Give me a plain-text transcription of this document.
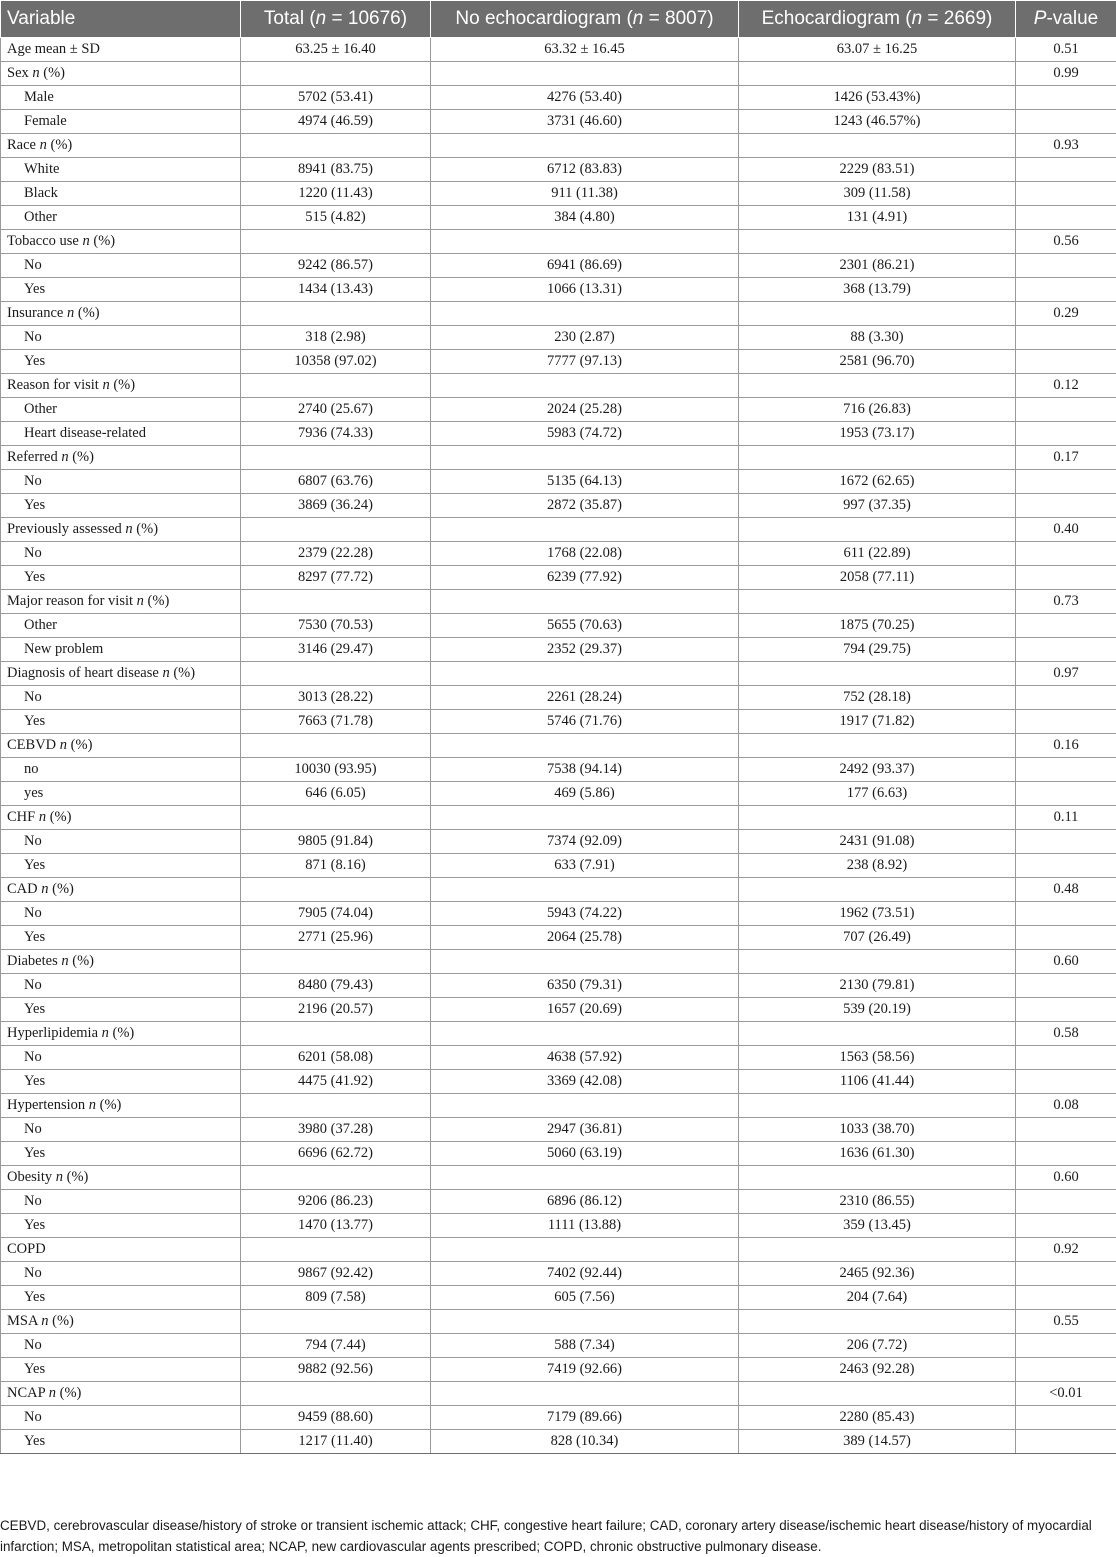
Variable	Total (n = 10676)	No echocardiogram (n = 8007)	Echocardiogram (n = 2669)	P-value
Age mean ± SD	63.25 ± 16.40	63.32 ± 16.45	63.07 ± 16.25	0.51
Sex n (%)				0.99
Male	5702 (53.41)	4276 (53.40)	1426 (53.43%)	
Female	4974 (46.59)	3731 (46.60)	1243 (46.57%)	
Race n (%)				0.93
White	8941 (83.75)	6712 (83.83)	2229 (83.51)	
Black	1220 (11.43)	911 (11.38)	309 (11.58)	
Other	515 (4.82)	384 (4.80)	131 (4.91)	
Tobacco use n (%)				0.56
No	9242 (86.57)	6941 (86.69)	2301 (86.21)	
Yes	1434 (13.43)	1066 (13.31)	368 (13.79)	
Insurance n (%)				0.29
No	318 (2.98)	230 (2.87)	88 (3.30)	
Yes	10358 (97.02)	7777 (97.13)	2581 (96.70)	
Reason for visit n (%)				0.12
Other	2740 (25.67)	2024 (25.28)	716 (26.83)	
Heart disease-related	7936 (74.33)	5983 (74.72)	1953 (73.17)	
Referred n (%)				0.17
No	6807 (63.76)	5135 (64.13)	1672 (62.65)	
Yes	3869 (36.24)	2872 (35.87)	997 (37.35)	
Previously assessed n (%)				0.40
No	2379 (22.28)	1768 (22.08)	611 (22.89)	
Yes	8297 (77.72)	6239 (77.92)	2058 (77.11)	
Major reason for visit n (%)				0.73
Other	7530 (70.53)	5655 (70.63)	1875 (70.25)	
New problem	3146 (29.47)	2352 (29.37)	794 (29.75)	
Diagnosis of heart disease n (%)				0.97
No	3013 (28.22)	2261 (28.24)	752 (28.18)	
Yes	7663 (71.78)	5746 (71.76)	1917 (71.82)	
CEBVD n (%)				0.16
no	10030 (93.95)	7538 (94.14)	2492 (93.37)	
yes	646 (6.05)	469 (5.86)	177 (6.63)	
CHF n (%)				0.11
No	9805 (91.84)	7374 (92.09)	2431 (91.08)	
Yes	871 (8.16)	633 (7.91)	238 (8.92)	
CAD n (%)				0.48
No	7905 (74.04)	5943 (74.22)	1962 (73.51)	
Yes	2771 (25.96)	2064 (25.78)	707 (26.49)	
Diabetes n (%)				0.60
No	8480 (79.43)	6350 (79.31)	2130 (79.81)	
Yes	2196 (20.57)	1657 (20.69)	539 (20.19)	
Hyperlipidemia n (%)				0.58
No	6201 (58.08)	4638 (57.92)	1563 (58.56)	
Yes	4475 (41.92)	3369 (42.08)	1106 (41.44)	
Hypertension n (%)				0.08
No	3980 (37.28)	2947 (36.81)	1033 (38.70)	
Yes	6696 (62.72)	5060 (63.19)	1636 (61.30)	
Obesity n (%)				0.60
No	9206 (86.23)	6896 (86.12)	2310 (86.55)	
Yes	1470 (13.77)	1111 (13.88)	359 (13.45)	
COPD				0.92
No	9867 (92.42)	7402 (92.44)	2465 (92.36)	
Yes	809 (7.58)	605 (7.56)	204 (7.64)	
MSA n (%)				0.55
No	794 (7.44)	588 (7.34)	206 (7.72)	
Yes	9882 (92.56)	7419 (92.66)	2463 (92.28)	
NCAP n (%)				<0.01
No	9459 (88.60)	7179 (89.66)	2280 (85.43)	
Yes	1217 (11.40)	828 (10.34)	389 (14.57)	

CEBVD, cerebrovascular disease/history of stroke or transient ischemic attack; CHF, congestive heart failure; CAD, coronary artery disease/ischemic heart disease/history of myocardial infarction; MSA, metropolitan statistical area; NCAP, new cardiovascular agents prescribed; COPD, chronic obstructive pulmonary disease.
